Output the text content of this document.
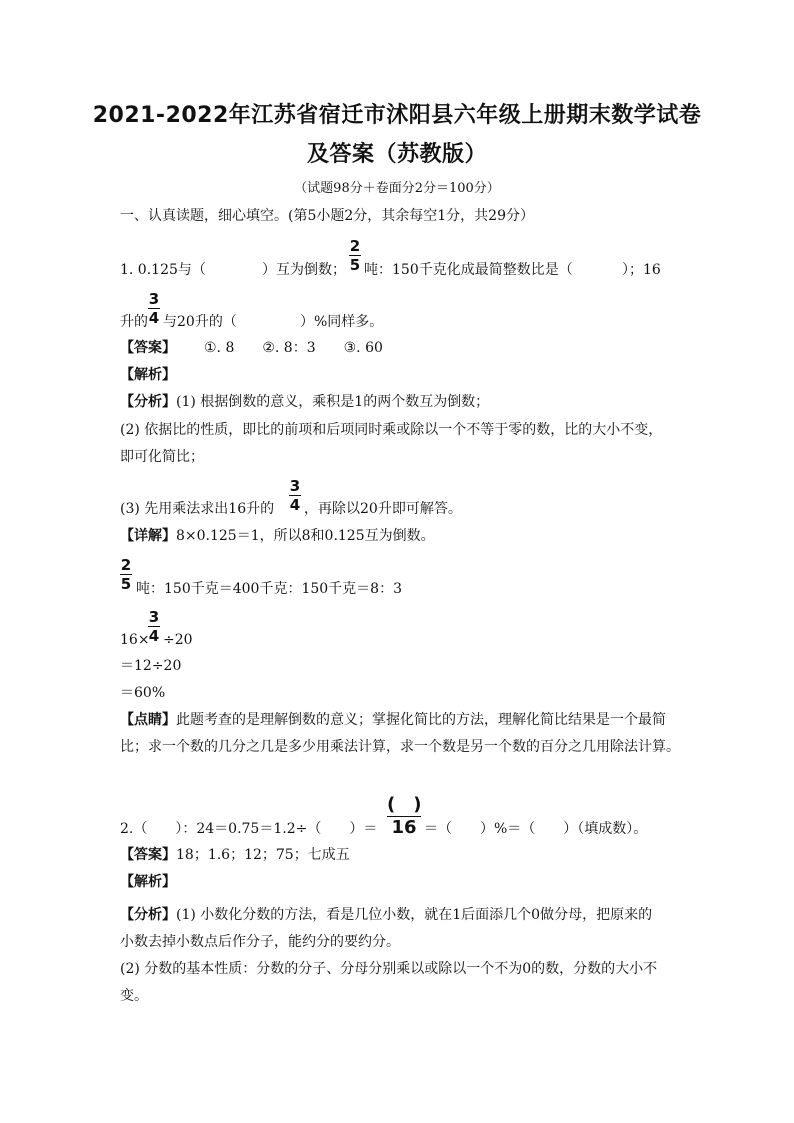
2021-2022年江苏省宿迁市沭阳县六年级上册期末数学试卷
及答案（苏教版）
（试题98分＋卷面分2分＝100分）
一、认真读题，细心填空。(第5小题2分，其余每空1分，共29分）
2
5
1. 0.125与（	）互为倒数； 吨：150千克化成最简整数比是（	）；16
3
4
升的 与20升的（	）%同样多。
【答案】 ①. 8　　②. 8：3　　③. 60
【解析】
【分析】(1) 根据倒数的意义，乘积是1的两个数互为倒数；
(2) 依据比的性质，即比的前项和后项同时乘或除以一个不等于零的数，比的大小不变，
即可化简比；
3
4
(3) 先用乘法求出16升的 ，再除以20升即可解答。
【详解】8×0.125＝1，所以8和0.125互为倒数。
2
5 吨：150千克＝400千克：150千克＝8：3
3
4
16× ÷20
＝12÷20
＝60%
【点睛】此题考查的是理解倒数的意义；掌握化简比的方法，理解化简比结果是一个最简
比；求一个数的几分之几是多少用乘法计算，求一个数是另一个数的百分之几用除法计算。
(　)
16
2.（　　）：24＝0.75＝1.2÷（　　）＝	＝（　　）%＝（　　）（填成数）。
【答案】18；1.6；12；75；七成五
【解析】
【分析】(1) 小数化分数的方法，看是几位小数，就在1后面添几个0做分母，把原来的
小数去掉小数点后作分子，能约分的要约分。
(2) 分数的基本性质：分数的分子、分母分别乘以或除以一个不为0的数，分数的大小不
变。
